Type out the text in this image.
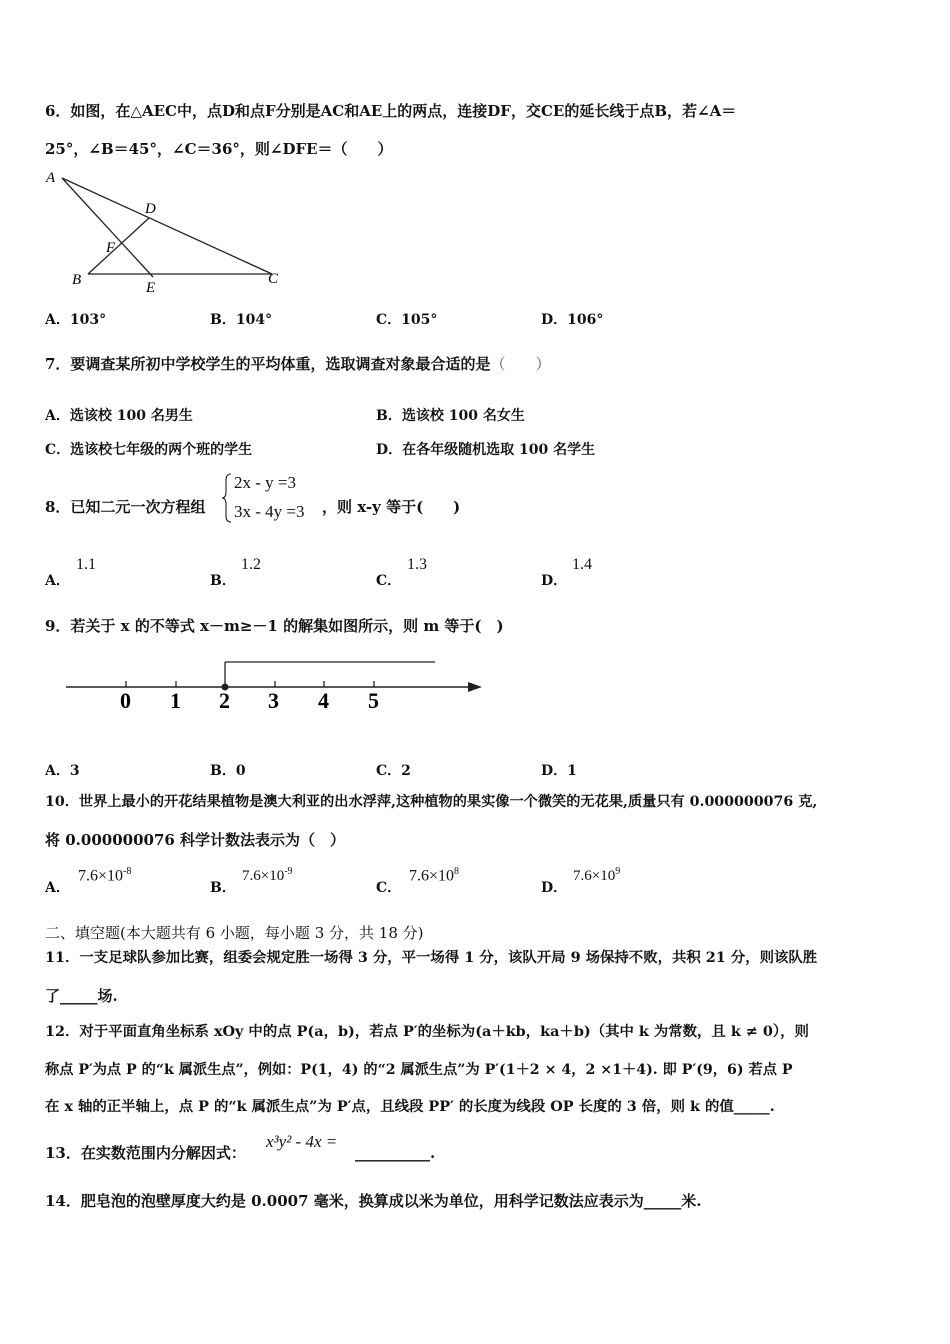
6．如图，在△AEC中，点D和点F分别是AC和AE上的两点，连接DF，交CE的延长线于点B，若∠A＝
25°，∠B＝45°，∠C＝36°，则∠DFE＝（　　）
A
D
F
B	E
C
A．103°	B．104°	C．105°	D．106°
7．要调查某所初中学校学生的平均体重，选取调查对象最合适的是（　　）
A．选该校 100 名男生	B．选该校 100 名女生
C．选该校七年级的两个班的学生	D．在各年级随机选取 100 名学生
8．已知二元一次方程组
2x - y =3
3x - 4y =3 ，则 x-y 等于(　　)
A．
1.1
B．
1.2
C．
1.3
D．
1.4
9．若关于 x 的不等式 x－m≥－1 的解集如图所示，则 m 等于(　)
0 1 2 3 4 5
A．3	B．0	C．2	D．1
10．世界上最小的开花结果植物是澳大利亚的出水浮萍,这种植物的果实像一个微笑的无花果,质量只有 0.000000076 克,
将 0.000000076 科学计数法表示为（　）
A．
$7.6\times 10^{-8}$
B．
$7.6\times 10^{-9}$
C．
$7.6\times 10^8$
D．
$7.6\times 10^9$
二、填空题(本大题共有 6 小题，每小题 3 分，共 18 分)
11．一支足球队参加比赛，组委会规定胜一场得 3 分，平一场得 1 分，该队开局 9 场保持不败，共积 21 分，则该队胜
了_____场.
12．对于平面直角坐标系 xOy 中的点 P(a，b)，若点 P′的坐标为(a＋kb，ka＋b)（其中 k 为常数，且 k ≠ 0），则
称点 P′为点 P 的“k 属派生点”，例如：P(1，4) 的“2 属派生点”为 P′(1＋2 × 4，2 ×1＋4). 即 P′(9，6) 若点 P
在 x 轴的正半轴上，点 P 的“k 属派生点”为 P′点，且线段 PP′ 的长度为线段 OP 长度的 3 倍，则 k 的值_____.
13．在实数范围内分解因式：
x³y² - 4x =
__________.
14．肥皂泡的泡壁厚度大约是 0.0007 毫米，换算成以米为单位，用科学记数法应表示为_____米.
